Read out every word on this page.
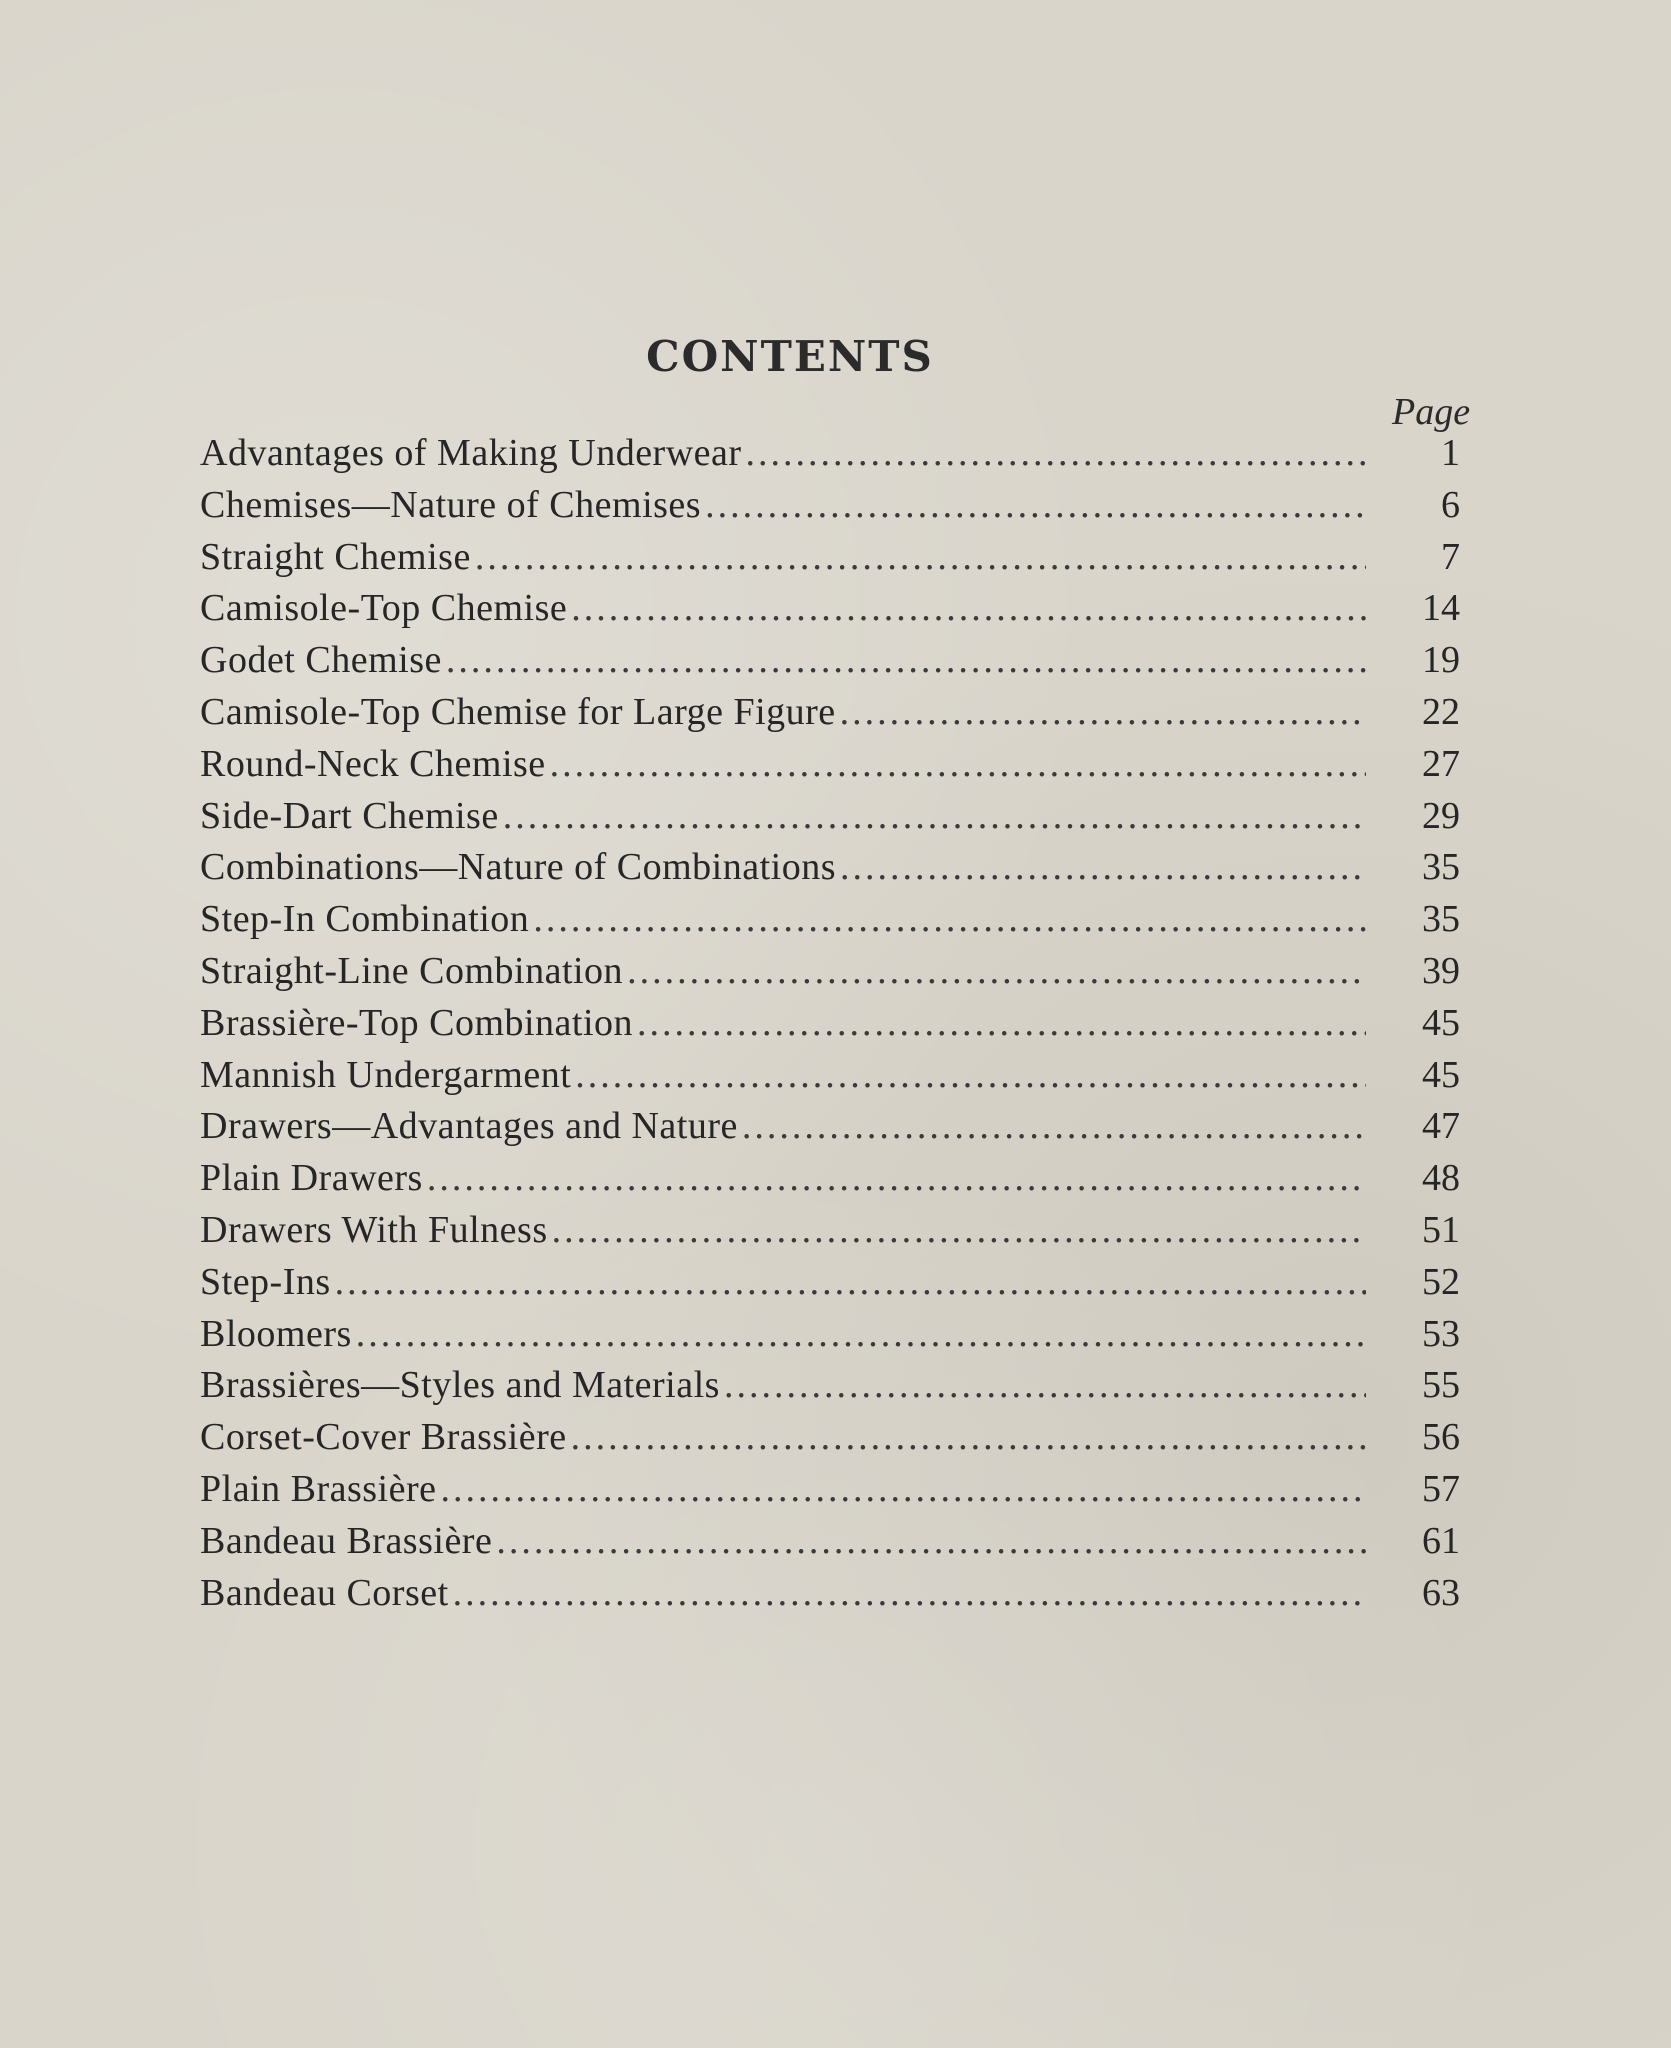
CONTENTS
Page
Advantages of Making Underwear .....	1
Chemises—Nature of Chemises .....	6
Straight Chemise .....	7
Camisole-Top Chemise .....	14
Godet Chemise .....	19
Camisole-Top Chemise for Large Figure .....	22
Round-Neck Chemise .....	27
Side-Dart Chemise .....	29
Combinations—Nature of Combinations .....	35
Step-In Combination .....	35
Straight-Line Combination .....	39
Brassière-Top Combination .....	45
Mannish Undergarment .....	45
Drawers—Advantages and Nature .....	47
Plain Drawers .....	48
Drawers With Fulness .....	51
Step-Ins .....	52
Bloomers .....	53
Brassières—Styles and Materials .....	55
Corset-Cover Brassière .....	56
Plain Brassière .....	57
Bandeau Brassière .....	61
Bandeau Corset .....	63
